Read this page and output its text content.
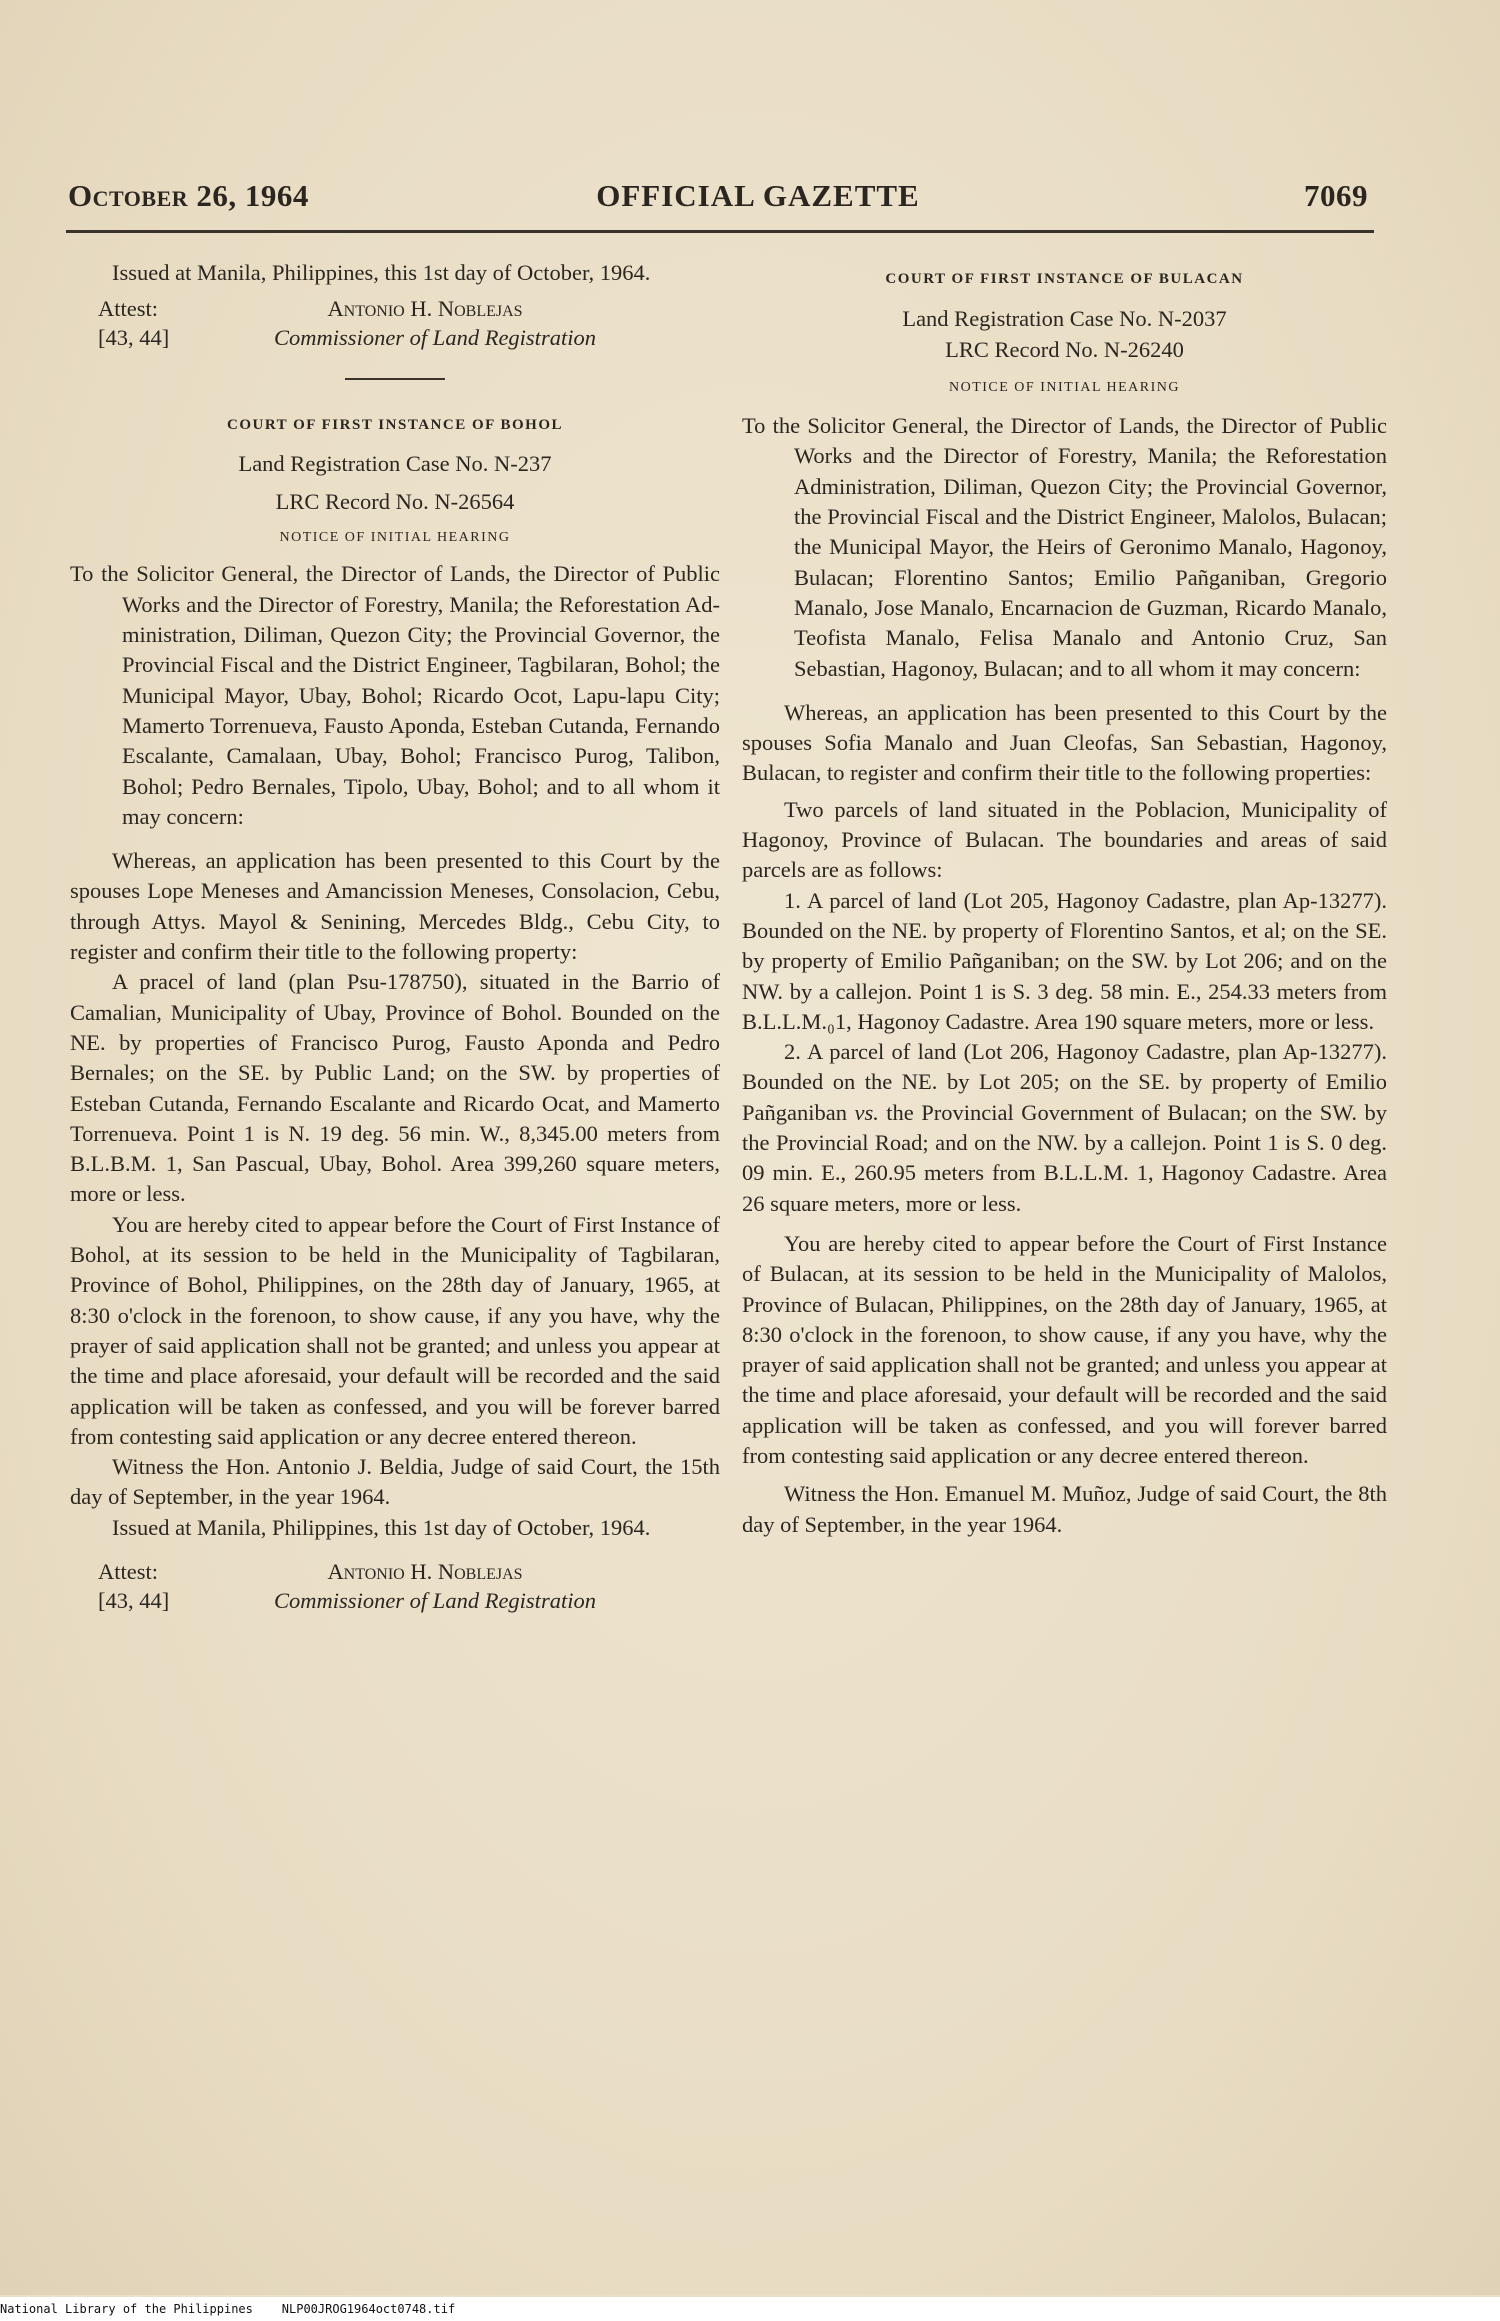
October 26, 1964	OFFICIAL GAZETTE	7069

Issued at Manila, Philippines, this 1st day of October, 1964.

Attest:	Antonio H. Noblejas
[43, 44]	Commissioner of Land Registration

COURT OF FIRST INSTANCE OF BOHOL

Land Registration Case No. N-237

LRC Record No. N-26564

NOTICE OF INITIAL HEARING

To the Solicitor General, the Director of Lands, the Director of Public Works and the Director of Forestry, Manila; the Reforestation Administration, Diliman, Quezon City; the Provincial Governor, the Provincial Fiscal and the District Engineer, Tagbilaran, Bohol; the Municipal Mayor, Ubay, Bohol; Ricardo Ocot, Lapu-lapu City; Mamerto Torrenueva, Fausto Aponda, Esteban Cutanda, Fernando Escalante, Camalaan, Ubay, Bohol; Francisco Purog, Talibon, Bohol; Pedro Bernales, Tipolo, Ubay, Bohol; and to all whom it may concern:

Whereas, an application has been presented to this Court by the spouses Lope Meneses and Amancission Meneses, Consolacion, Cebu, through Attys. Mayol & Senining, Mercedes Bldg., Cebu City, to register and confirm their title to the following property:

A pracel of land (plan Psu-178750), situated in the Barrio of Camalian, Municipality of Ubay, Province of Bohol. Bounded on the NE. by properties of Francisco Purog, Fausto Aponda and Pedro Bernales; on the SE. by Public Land; on the SW. by properties of Esteban Cutanda, Fernando Escalante and Ricardo Ocat, and Mamerto Torrenueva. Point 1 is N. 19 deg. 56 min. W., 8,345.00 meters from B.L.B.M. 1, San Pascual, Ubay, Bohol. Area 399,260 square meters, more or less.

You are hereby cited to appear before the Court of First Instance of Bohol, at its session to be held in the Municipality of Tagbilaran, Province of Bohol, Philippines, on the 28th day of January, 1965, at 8:30 o'clock in the forenoon, to show cause, if any you have, why the prayer of said application shall not be granted; and unless you appear at the time and place aforesaid, your default will be recorded and the said application will be taken as confessed, and you will be forever barred from contesting said application or any decree entered thereon.

Witness the Hon. Antonio J. Beldia, Judge of said Court, the 15th day of September, in the year 1964.

Issued at Manila, Philippines, this 1st day of October, 1964.

Attest:	Antonio H. Noblejas
[43, 44]	Commissioner of Land Registration

COURT OF FIRST INSTANCE OF BULACAN

Land Registration Case No. N-2037

LRC Record No. N-26240

NOTICE OF INITIAL HEARING

To the Solicitor General, the Director of Lands, the Director of Public Works and the Director of Forestry, Manila; the Reforestation Administration, Diliman, Quezon City; the Provincial Governor, the Provincial Fiscal and the District Engineer, Malolos, Bulacan; the Municipal Mayor, the Heirs of Geronimo Manalo, Hagonoy, Bulacan; Florentino Santos; Emilio Pañganiban, Gregorio Manalo, Jose Manalo, Encarnacion de Guzman, Ricardo Manalo, Teofista Manalo, Felisa Manalo and Antonio Cruz, San Sebastian, Hagonoy, Bulacan; and to all whom it may concern:

Whereas, an application has been presented to this Court by the spouses Sofia Manalo and Juan Cleofas, San Sebastian, Hagonoy, Bulacan, to register and confirm their title to the following properties:

Two parcels of land situated in the Poblacion, Municipality of Hagonoy, Province of Bulacan. The boundaries and areas of said parcels are as follows:

1. A parcel of land (Lot 205, Hagonoy Cadastre, plan Ap-13277). Bounded on the NE. by property of Florentino Santos, et al; on the SE. by property of Emilio Pañganiban; on the SW. by Lot 206; and on the NW. by a callejon. Point 1 is S. 3 deg. 58 min. E., 254.33 meters from B.L.L.M.₀1, Hagonoy Cadastre. Area 190 square meters, more or less.

2. A parcel of land (Lot 206, Hagonoy Cadastre, plan Ap-13277). Bounded on the NE. by Lot 205; on the SE. by property of Emilio Pañganiban vs. the Provincial Government of Bulacan; on the SW. by the Provincial Road; and on the NW. by a callejon. Point 1 is S. 0 deg. 09 min. E., 260.95 meters from B.L.L.M. 1, Hagonoy Cadastre. Area 26 square meters, more or less.

You are hereby cited to appear before the Court of First Instance of Bulacan, at its session to be held in the Municipality of Malolos, Province of Bulacan, Philippines, on the 28th day of January, 1965, at 8:30 o'clock in the forenoon, to show cause, if any you have, why the prayer of said application shall not be granted; and unless you appear at the time and place aforesaid, your default will be recorded and the said application will be taken as confessed, and you will forever barred from contesting said application or any decree entered thereon.

Witness the Hon. Emanuel M. Muñoz, Judge of said Court, the 8th day of September, in the year 1964.

National Library of the Philippines NLP00JROG1964oct0748.tif
